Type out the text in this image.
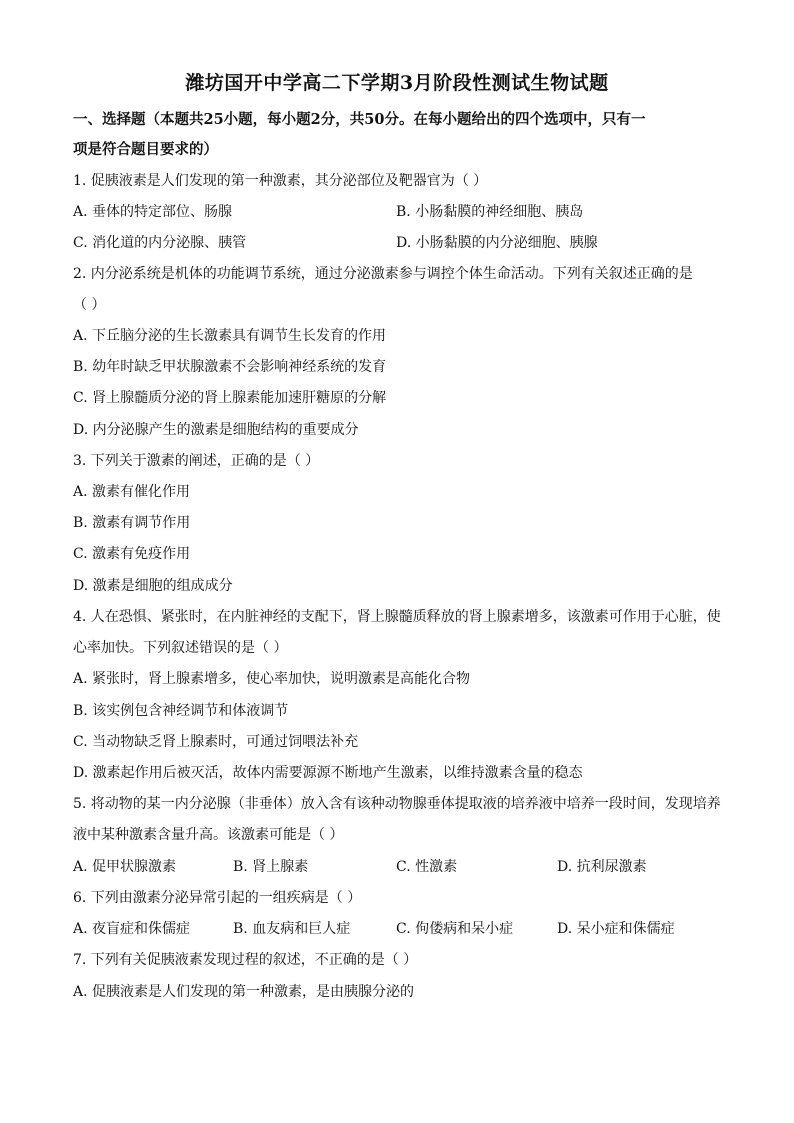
潍坊国开中学高二下学期3月阶段性测试生物试题
一、选择题（本题共25小题，每小题2分，共50分。在每小题给出的四个选项中，只有一
项是符合题目要求的）
1. 促胰液素是人们发现的第一种激素，其分泌部位及靶器官为（ ）
A. 垂体的特定部位、肠腺	B. 小肠黏膜的神经细胞、胰岛
C. 消化道的内分泌腺、胰管	D. 小肠黏膜的内分泌细胞、胰腺
2. 内分泌系统是机体的功能调节系统，通过分泌激素参与调控个体生命活动。下列有关叙述正确的是
（ ）
A. 下丘脑分泌的生长激素具有调节生长发育的作用
B. 幼年时缺乏甲状腺激素不会影响神经系统的发育
C. 肾上腺髓质分泌的肾上腺素能加速肝糖原的分解
D. 内分泌腺产生的激素是细胞结构的重要成分
3. 下列关于激素的阐述，正确的是（ ）
A. 激素有催化作用
B. 激素有调节作用
C. 激素有免疫作用
D. 激素是细胞的组成成分
4. 人在恐惧、紧张时，在内脏神经的支配下，肾上腺髓质释放的肾上腺素增多，该激素可作用于心脏，使
心率加快。下列叙述错误的是（ ）
A. 紧张时，肾上腺素增多，使心率加快，说明激素是高能化合物
B. 该实例包含神经调节和体液调节
C. 当动物缺乏肾上腺素时，可通过饲喂法补充
D. 激素起作用后被灭活，故体内需要源源不断地产生激素，以维持激素含量的稳态
5. 将动物的某一内分泌腺（非垂体）放入含有该种动物腺垂体提取液的培养液中培养一段时间，发现培养
液中某种激素含量升高。该激素可能是（ ）
A. 促甲状腺激素	B. 肾上腺素	C. 性激素	D. 抗利尿激素
6. 下列由激素分泌异常引起的一组疾病是（ ）
A. 夜盲症和侏儒症	B. 血友病和巨人症	C. 佝偻病和呆小症	D. 呆小症和侏儒症
7. 下列有关促胰液素发现过程的叙述，不正确的是（ ）
A. 促胰液素是人们发现的第一种激素，是由胰腺分泌的
